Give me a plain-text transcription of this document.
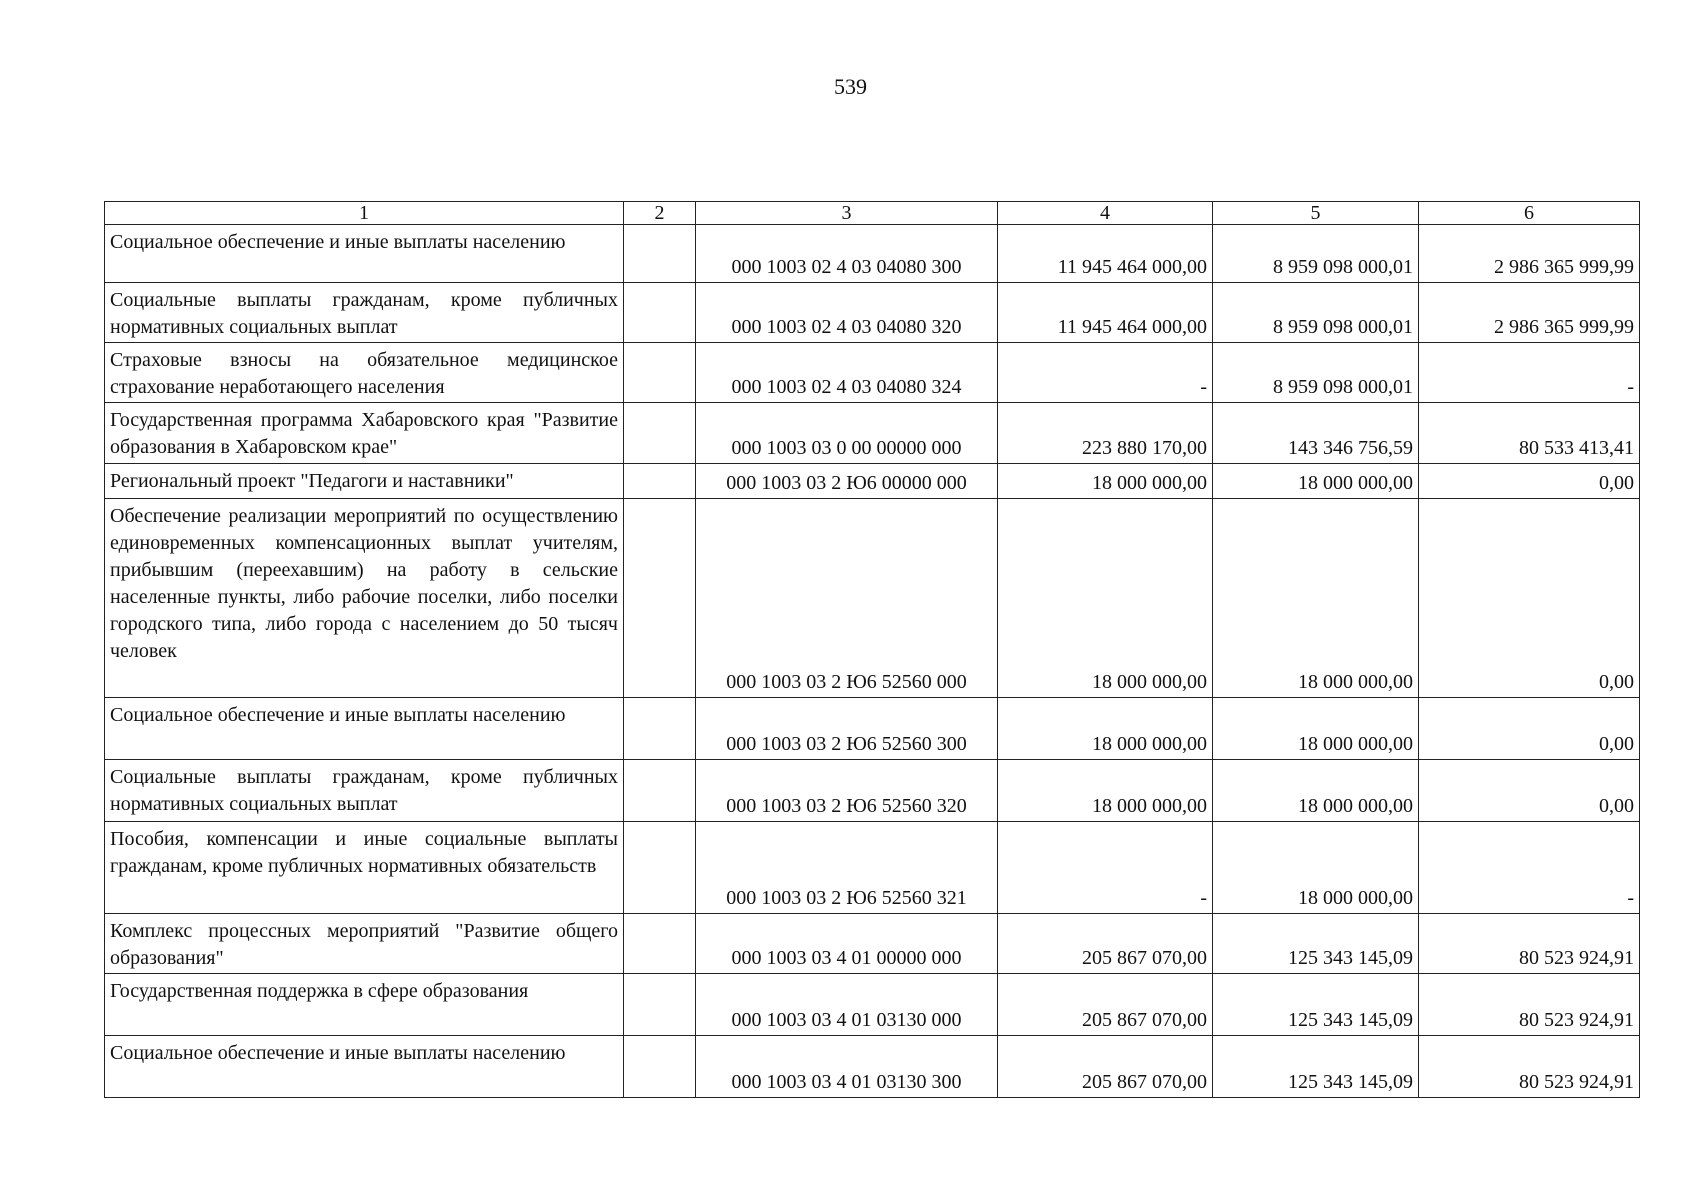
539
1	2	3	4	5	6
Социальное обеспечение и иные выплаты населению		000 1003 02 4 03 04080 300	11 945 464 000,00	8 959 098 000,01	2 986 365 999,99
Социальные выплаты гражданам, кроме публичных нормативных социальных выплат		000 1003 02 4 03 04080 320	11 945 464 000,00	8 959 098 000,01	2 986 365 999,99
Страховые взносы на обязательное медицинское страхование неработающего населения		000 1003 02 4 03 04080 324	-	8 959 098 000,01	-
Государственная программа Хабаровского края "Развитие образования в Хабаровском крае"		000 1003 03 0 00 00000 000	223 880 170,00	143 346 756,59	80 533 413,41
Региональный проект "Педагоги и наставники"		000 1003 03 2 Ю6 00000 000	18 000 000,00	18 000 000,00	0,00
Обеспечение реализации мероприятий по осуществлению единовременных компенсационных выплат учителям, прибывшим (переехавшим) на работу в сельские населенные пункты, либо рабочие поселки, либо поселки городского типа, либо города с населением до 50 тысяч человек		000 1003 03 2 Ю6 52560 000	18 000 000,00	18 000 000,00	0,00
Социальное обеспечение и иные выплаты населению		000 1003 03 2 Ю6 52560 300	18 000 000,00	18 000 000,00	0,00
Социальные выплаты гражданам, кроме публичных нормативных социальных выплат		000 1003 03 2 Ю6 52560 320	18 000 000,00	18 000 000,00	0,00
Пособия, компенсации и иные социальные выплаты гражданам, кроме публичных нормативных обязательств		000 1003 03 2 Ю6 52560 321	-	18 000 000,00	-
Комплекс процессных мероприятий "Развитие общего образования"		000 1003 03 4 01 00000 000	205 867 070,00	125 343 145,09	80 523 924,91
Государственная поддержка в сфере образования		000 1003 03 4 01 03130 000	205 867 070,00	125 343 145,09	80 523 924,91
Социальное обеспечение и иные выплаты населению		000 1003 03 4 01 03130 300	205 867 070,00	125 343 145,09	80 523 924,91
